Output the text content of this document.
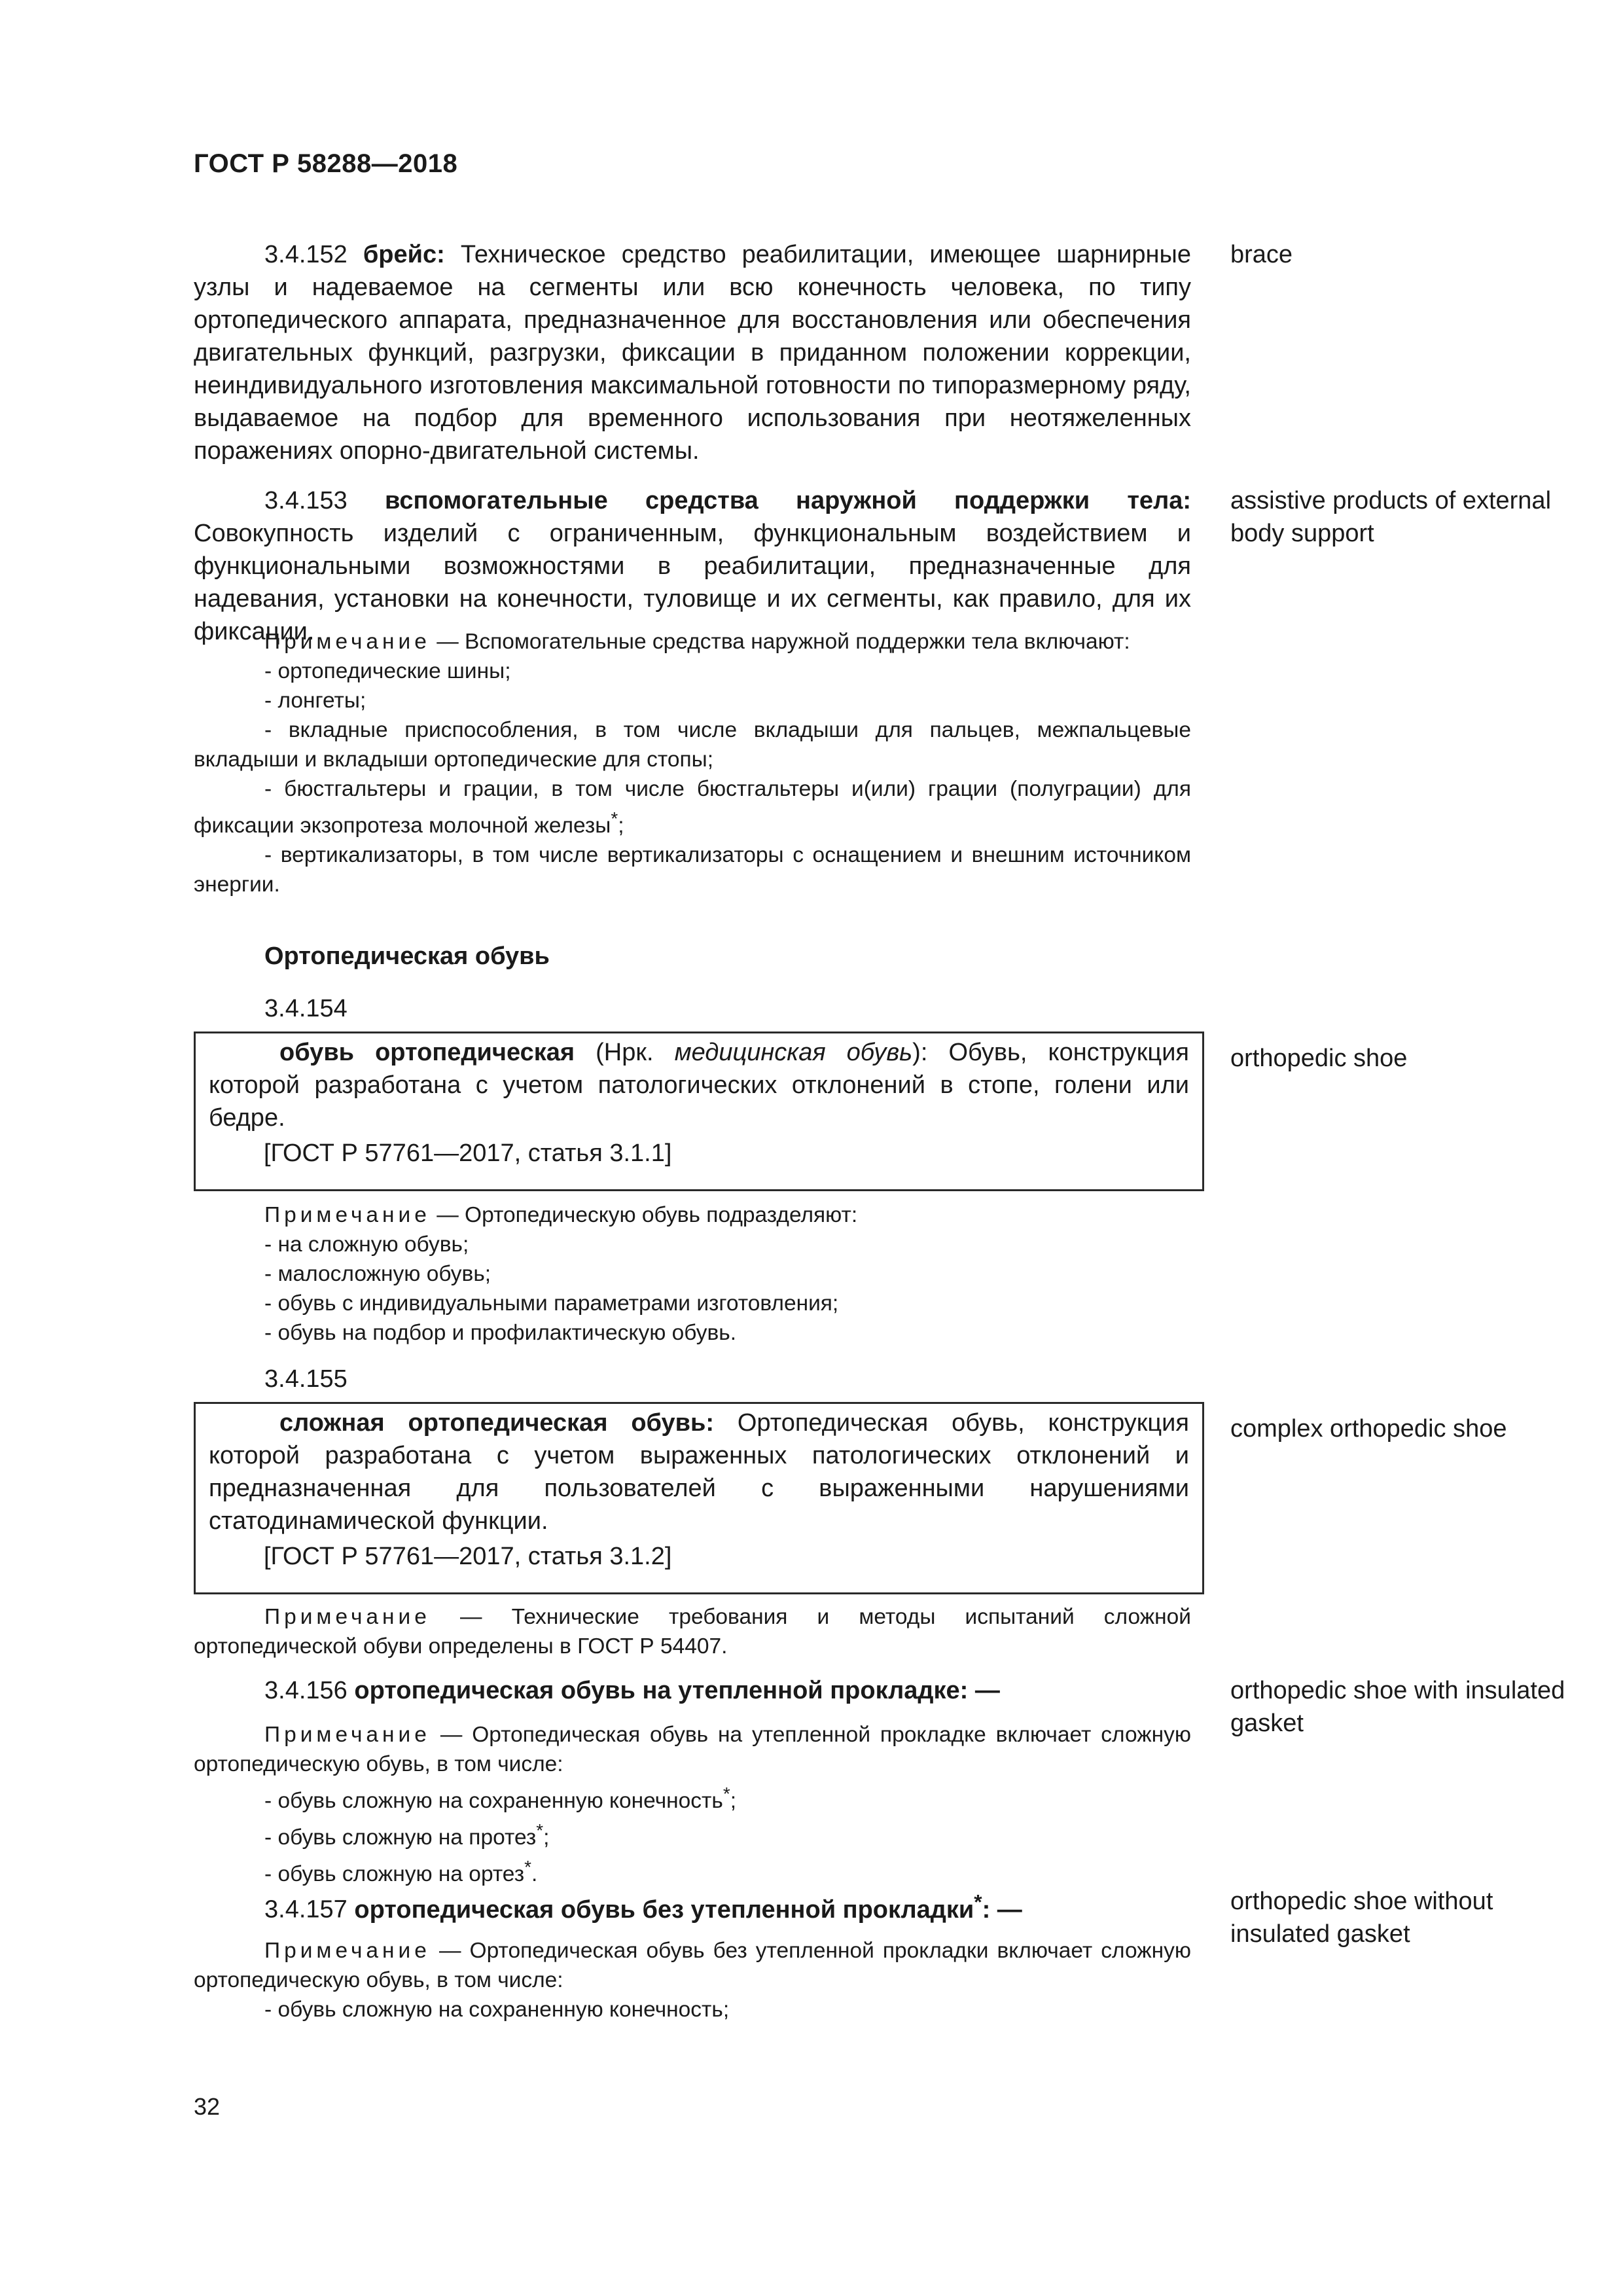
ГОСТ Р 58288—2018
3.4.152 брейс: Техническое средство реабилитации, имеющее шарнирные узлы и надеваемое на сегменты или всю конечность человека, по типу ортопедического аппарата, предназначенное для восстановления или обеспечения двигательных функций, разгрузки, фиксации в приданном положении коррекции, неиндивидуального изготовления максимальной готовности по типоразмерному ряду, выдаваемое на подбор для временного использования при неотяжеленных поражениях опорно-двигательной системы.
brace
3.4.153 вспомогательные средства наружной поддержки тела: Совокупность изделий с ограниченным, функциональным воздействием и функциональными возможностями в реабилитации, предназначенные для надевания, установки на конечности, туловище и их сегменты, как правило, для их фиксации.
assistive products of external body support

Примечание — Вспомогательные средства наружной поддержки тела включают:

- ортопедические шины;

- лонгеты;

- вкладные приспособления, в том числе вкладыши для пальцев, межпальцевые вкладыши и вкладыши ортопедические для стопы;

- бюстгальтеры и грации, в том числе бюстгальтеры и(или) грации (полуграции) для фиксации экзопротеза молочной железы*;

- вертикализаторы, в том числе вертикализаторы с оснащением и внешним источником энергии.

Ортопедическая обувь
3.4.154

обувь ортопедическая (Нрк. медицинская обувь): Обувь, конструкция которой разработана с учетом патологических отклонений в стопе, голени или бедре.

[ГОСТ Р 57761—2017, статья 3.1.1]

orthopedic shoe

Примечание — Ортопедическую обувь подразделяют:

- на сложную обувь;

- малосложную обувь;

- обувь с индивидуальными параметрами изготовления;

- обувь на подбор и профилактическую обувь.

3.4.155

сложная ортопедическая обувь: Ортопедическая обувь, конструкция которой разработана с учетом выраженных патологических отклонений и предназначенная для пользователей с выраженными нарушениями статодинамической функции.

[ГОСТ Р 57761—2017, статья 3.1.2]

complex orthopedic shoe

Примечание — Технические требования и методы испытаний сложной ортопедической обуви определены в ГОСТ Р 54407.

3.4.156 ортопедическая обувь на утепленной прокладке: —	orthopedic shoe with insulated gasket

Примечание — Ортопедическая обувь на утепленной прокладке включает сложную ортопедическую обувь, в том числе:

- обувь сложную на сохраненную конечность*;

- обувь сложную на протез*;

- обувь сложную на ортез*.

3.4.157 ортопедическая обувь без утепленной прокладки*: —	orthopedic shoe without insulated gasket

Примечание — Ортопедическая обувь без утепленной прокладки включает сложную ортопедическую обувь, в том числе:

- обувь сложную на сохраненную конечность;

32
